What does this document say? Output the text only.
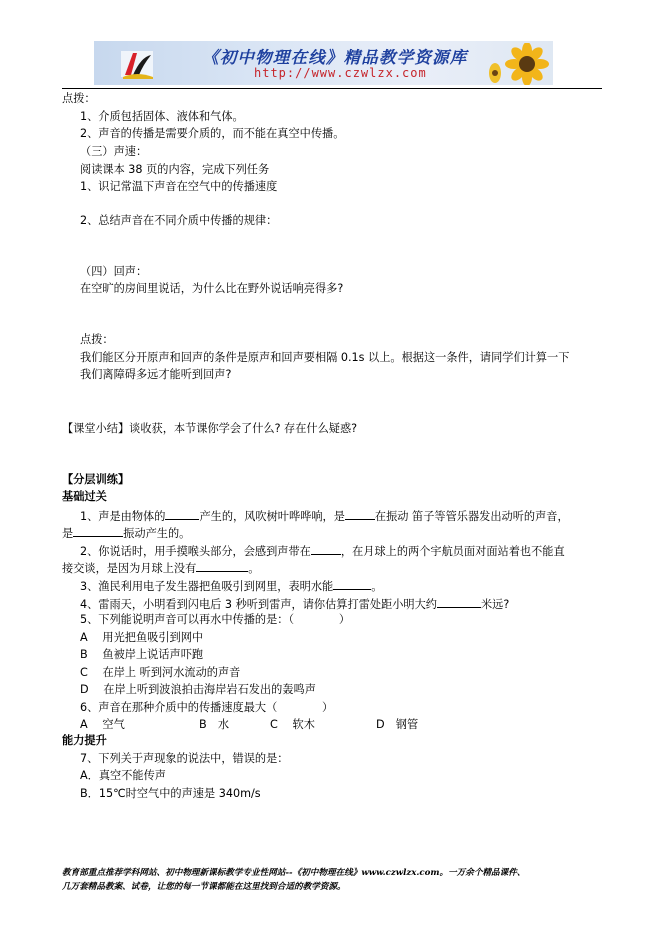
《初中物理在线》精品教学资源库
http://www.czwlzx.com
点拨：
1、介质包括固体、液体和气体。
2、声音的传播是需要介质的，而不能在真空中传播。
（三）声速：
阅读课本 38 页的内容，完成下列任务
1、识记常温下声音在空气中的传播速度
2、总结声音在不同介质中传播的规律：
（四）回声：
在空旷的房间里说话，为什么比在野外说话响亮得多?
点拨：
我们能区分开原声和回声的条件是原声和回声要相隔 0.1s 以上。根据这一条件，请同学们计算一下
我们离障碍多远才能听到回声?
【课堂小结】谈收获，本节课你学会了什么? 存在什么疑惑?
【分层训练】
基础过关
1、声是由物体的	产生的，风吹树叶哗哗响，是	在振动 笛子等管乐器发出动听的声音，
是	振动产生的。
2、你说话时，用手摸喉头部分，会感到声带在	，在月球上的两个宇航员面对面站着也不能直
接交谈，是因为月球上没有	。
3、渔民利用电子发生器把鱼吸引到网里，表明水能	。
4、雷雨天，小明看到闪电后 3 秒听到雷声，请你估算打雷处距小明大约	米远?
5、下列能说明声音可以再水中传播的是：（　　　　）
A　 用光把鱼吸引到网中
B　 鱼被岸上说话声吓跑
C　 在岸上 听到河水流动的声音
D　 在岸上听到波浪拍击海岸岩石发出的轰鸣声
6、声音在那种介质中的传播速度最大（　　　　）
A　 空气	B　水	C　 软木	D　钢管
能力提升
7、下列关于声现象的说法中，错误的是：
A．真空不能传声
B．15℃时空气中的声速是 340m/s
教育部重点推荐学科网站、初中物理新课标教学专业性网站--《初中物理在线》www.czwlzx.com。一万余个精品课件、
几万套精品教案、试卷，让您的每一节课都能在这里找到合适的教学资源。
